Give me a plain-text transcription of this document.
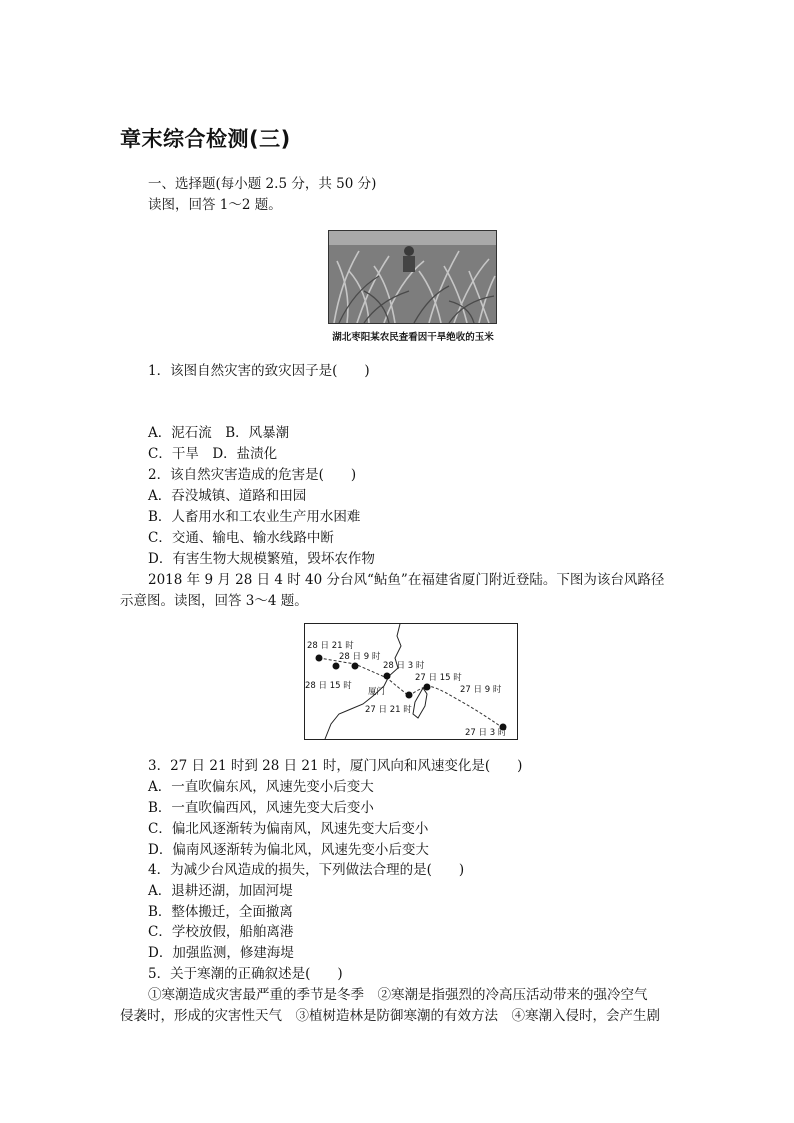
章末综合检测(三)
一、选择题(每小题 2.5 分，共 50 分)
读图，回答 1～2 题。
湖北枣阳某农民查看因干旱绝收的玉米
1．该图自然灾害的致灾因子是(　　)
A．泥石流　B．风暴潮
C．干旱　D．盐渍化
2．该自然灾害造成的危害是(　　)
A．吞没城镇、道路和田园
B．人畜用水和工农业生产用水困难
C．交通、输电、输水线路中断
D．有害生物大规模繁殖，毁坏农作物
2018 年 9 月 28 日 4 时 40 分台风“鲇鱼”在福建省厦门附近登陆。下图为该台风路径
示意图。读图，回答 3～4 题。
28 日 21 时
28 日 9 时
28 日 15 时
28 日 3 时
27 日 15 时
厦门	27 日 9 时
27 日 21 时
27 日 3 时
3．27 日 21 时到 28 日 21 时，厦门风向和风速变化是(　　)
A．一直吹偏东风，风速先变小后变大
B．一直吹偏西风，风速先变大后变小
C．偏北风逐渐转为偏南风，风速先变大后变小
D．偏南风逐渐转为偏北风，风速先变小后变大
4．为减少台风造成的损失，下列做法合理的是(　　)
A．退耕还湖，加固河堤
B．整体搬迁，全面撤离
C．学校放假，船舶离港
D．加强监测，修建海堤
5．关于寒潮的正确叙述是(　　)
①寒潮造成灾害最严重的季节是冬季　②寒潮是指强烈的冷高压活动带来的强冷空气
侵袭时，形成的灾害性天气　③植树造林是防御寒潮的有效方法　④寒潮入侵时，会产生剧
